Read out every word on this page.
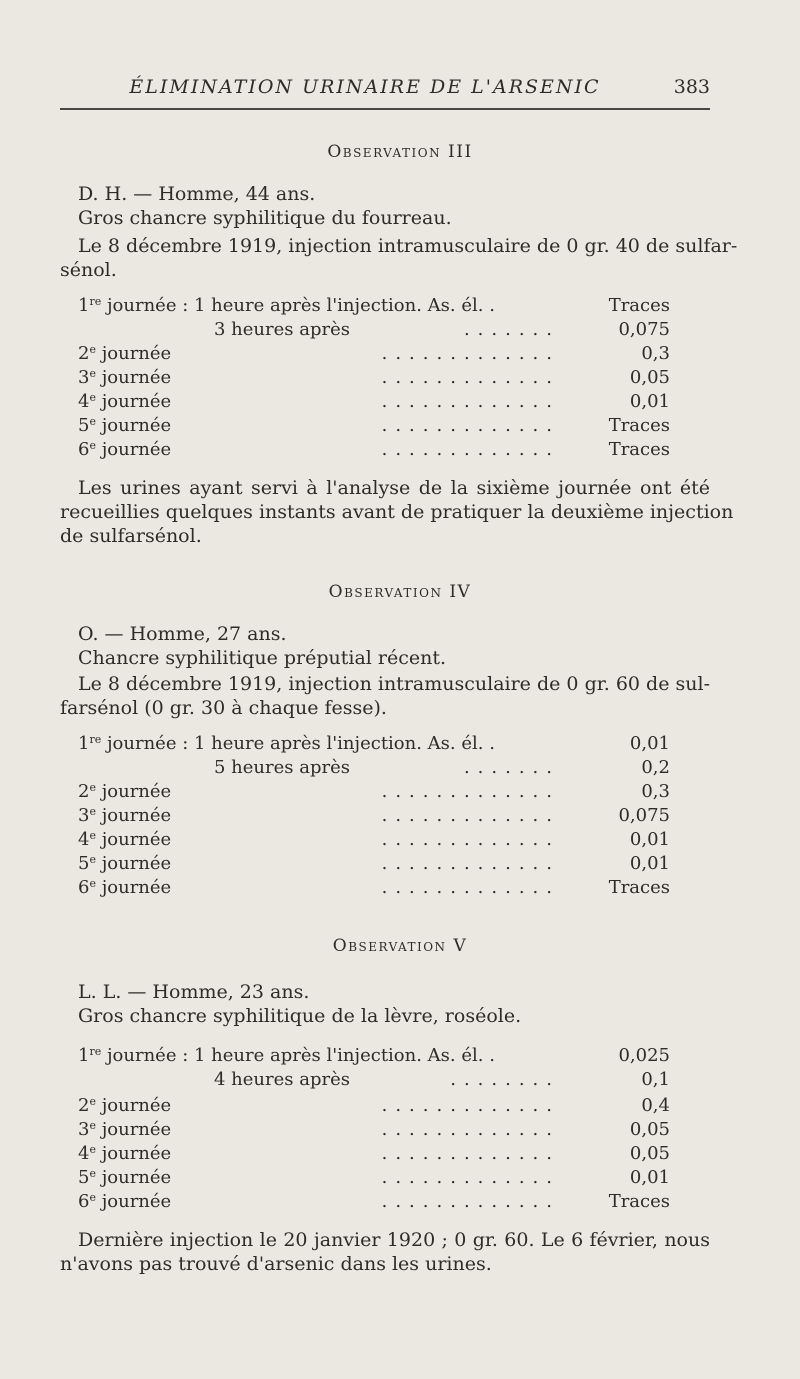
ÉLIMINATION URINAIRE DE L'ARSENIC	383
Observation III
D. H. — Homme, 44 ans.
Gros chancre syphilitique du fourreau.
Le 8 décembre 1919, injection intramusculaire de 0 gr. 40 de sulfar-
sénol.
1re journée : 1 heure après l'injection. As. él. .	Traces
3 heures après	.......	0,075
2e journée	.............	0,3
3e journée	.............	0,05
4e journée	.............	0,01
5e journée	.............	Traces
6e journée	.............	Traces
Les urines ayant servi à l'analyse de la sixième journée ont été
recueillies quelques instants avant de pratiquer la deuxième injection
de sulfarsénol.
Observation IV
O. — Homme, 27 ans.
Chancre syphilitique préputial récent.
Le 8 décembre 1919, injection intramusculaire de 0 gr. 60 de sul-
farsénol (0 gr. 30 à chaque fesse).
1re journée : 1 heure après l'injection. As. él. .	0,01
5 heures après	.......	0,2
2e journée	.............	0,3
3e journée	.............	0,075
4e journée	.............	0,01
5e journée	.............	0,01
6e journée	.............	Traces
Observation V
L. L. — Homme, 23 ans.
Gros chancre syphilitique de la lèvre, roséole.
1re journée : 1 heure après l'injection. As. él. .	0,025
4 heures après	........	0,1
2e journée	.............	0,4
3e journée	.............	0,05
4e journée	.............	0,05
5e journée	.............	0,01
6e journée	.............	Traces
Dernière injection le 20 janvier 1920 ; 0 gr. 60. Le 6 février, nous
n'avons pas trouvé d'arsenic dans les urines.
